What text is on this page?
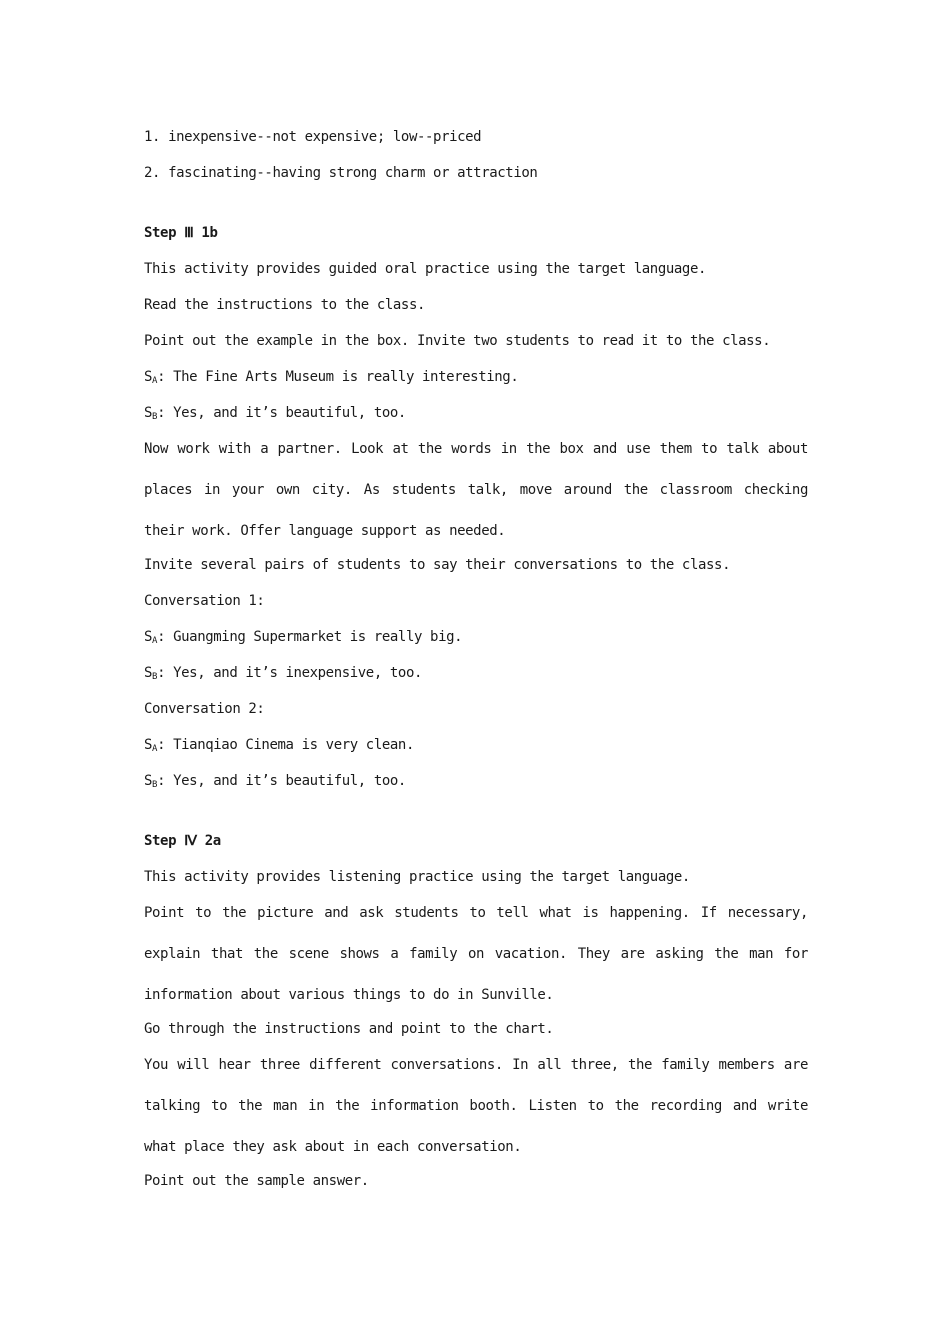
1. inexpensive--not expensive; low--priced
2. fascinating--having strong charm or attraction
Step Ⅲ 1b
This activity provides guided oral practice using the target language.
Read the instructions to the class.
Point out the example in the box. Invite two students to read it to the class.
$S_A$: The Fine Arts Museum is really interesting.
$S_B$: Yes, and it’s beautiful, too.
Now work with a partner. Look at the words in the box and use them to talk about places in your own city. As students talk, move around the classroom checking their work. Offer language support as needed.
Invite several pairs of students to say their conversations to the class.
Conversation 1:
$S_A$: Guangming Supermarket is really big.
$S_B$: Yes, and it’s inexpensive, too.
Conversation 2:
$S_A$: Tianqiao Cinema is very clean.
$S_B$: Yes, and it’s beautiful, too.
Step Ⅳ 2a
This activity provides listening practice using the target language.
Point to the picture and ask students to tell what is happening. If necessary, explain that the scene shows a family on vacation. They are asking the man for information about various things to do in Sunville.
Go through the instructions and point to the chart.
You will hear three different conversations. In all three, the family members are talking to the man in the information booth. Listen to the recording and write what place they ask about in each conversation.
Point out the sample answer.
